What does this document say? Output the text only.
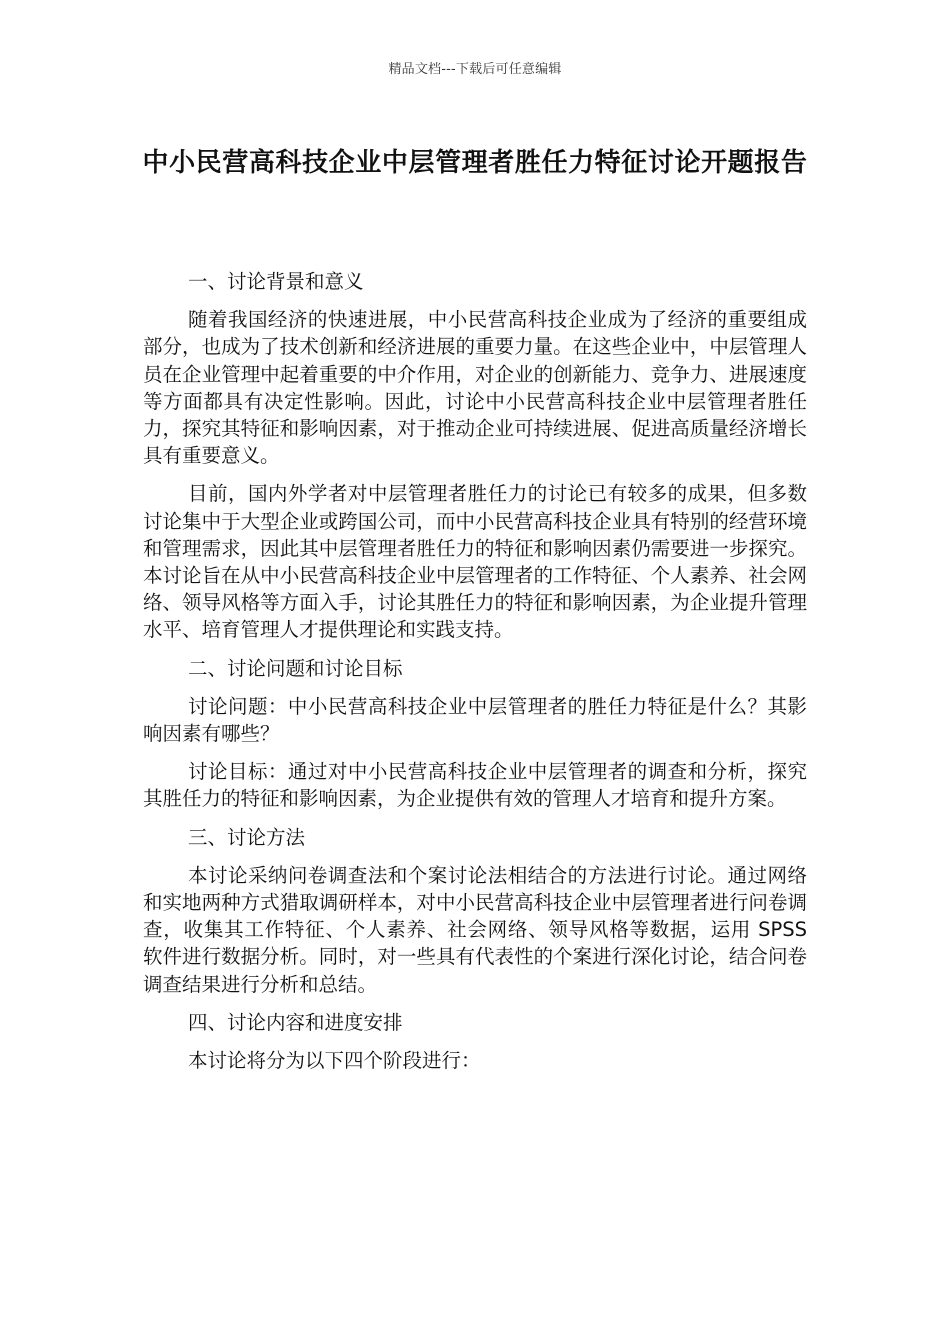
精品文档---下载后可任意编辑
中小民营高科技企业中层管理者胜任力特征讨论开题报告

一、讨论背景和意义

随着我国经济的快速进展，中小民营高科技企业成为了经济的重要组成部分，也成为了技术创新和经济进展的重要力量。在这些企业中，中层管理人员在企业管理中起着重要的中介作用，对企业的创新能力、竞争力、进展速度等方面都具有决定性影响。因此，讨论中小民营高科技企业中层管理者胜任力，探究其特征和影响因素，对于推动企业可持续进展、促进高质量经济增长具有重要意义。

目前，国内外学者对中层管理者胜任力的讨论已有较多的成果，但多数讨论集中于大型企业或跨国公司，而中小民营高科技企业具有特别的经营环境和管理需求，因此其中层管理者胜任力的特征和影响因素仍需要进一步探究。本讨论旨在从中小民营高科技企业中层管理者的工作特征、个人素养、社会网络、领导风格等方面入手，讨论其胜任力的特征和影响因素，为企业提升管理水平、培育管理人才提供理论和实践支持。

二、讨论问题和讨论目标

讨论问题：中小民营高科技企业中层管理者的胜任力特征是什么？其影响因素有哪些？

讨论目标：通过对中小民营高科技企业中层管理者的调查和分析，探究其胜任力的特征和影响因素，为企业提供有效的管理人才培育和提升方案。

三、讨论方法

本讨论采纳问卷调查法和个案讨论法相结合的方法进行讨论。通过网络和实地两种方式猎取调研样本，对中小民营高科技企业中层管理者进行问卷调查，收集其工作特征、个人素养、社会网络、领导风格等数据，运用 SPSS 软件进行数据分析。同时，对一些具有代表性的个案进行深化讨论，结合问卷调查结果进行分析和总结。

四、讨论内容和进度安排

本讨论将分为以下四个阶段进行：
